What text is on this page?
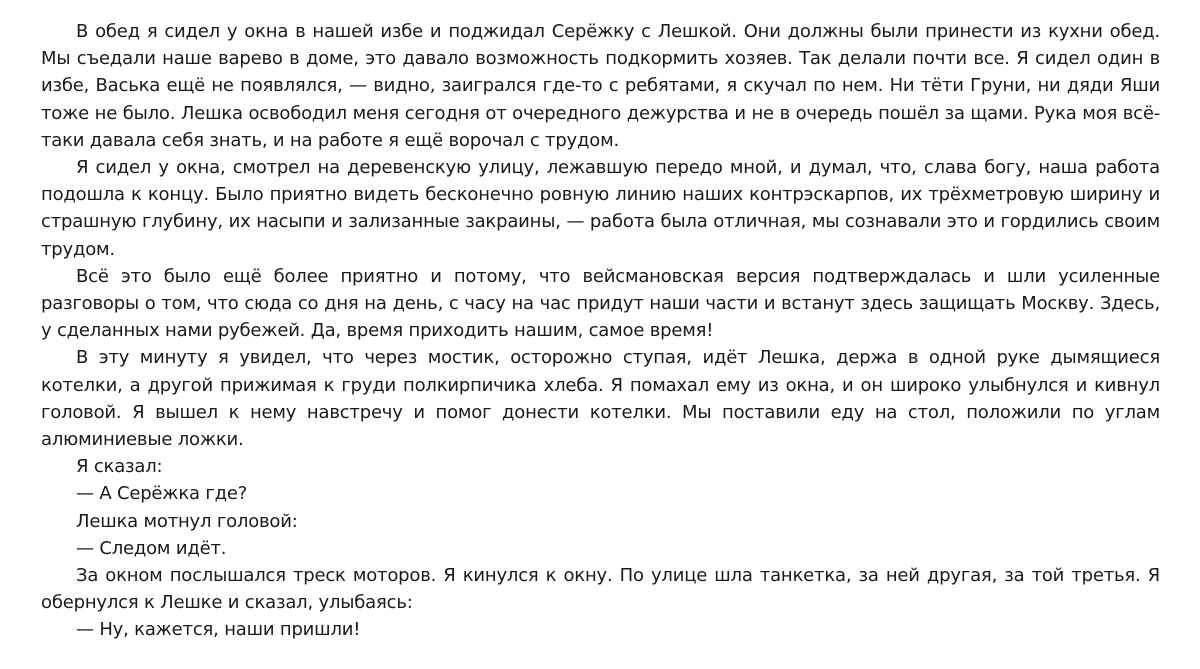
В обед я сидел у окна в нашей избе и поджидал Серёжку с Лешкой. Они должны были принести из кухни обед. Мы съедали наше варево в доме, это давало возможность подкормить хозяев. Так делали почти все. Я сидел один в избе, Васька ещё не появлялся, — видно, заигрался где-то с ребятами, я скучал по нем. Ни тёти Груни, ни дяди Яши тоже не было. Лешка освободил меня сегодня от очередного дежурства и не в очередь пошёл за щами. Рука моя всё-таки давала себя знать, и на работе я ещё ворочал с трудом.

Я сидел у окна, смотрел на деревенскую улицу, лежавшую передо мной, и думал, что, слава богу, наша работа подошла к концу. Было приятно видеть бесконечно ровную линию наших контрэскарпов, их трёхметровую ширину и страшную глубину, их насыпи и зализанные закраины, — работа была отличная, мы сознавали это и гордились своим трудом.

Всё это было ещё более приятно и потому, что вейсмановская версия подтверждалась и шли усиленные разговоры о том, что сюда со дня на день, с часу на час придут наши части и встанут здесь защищать Москву. Здесь, у сделанных нами рубежей. Да, время приходить нашим, самое время!

В эту минуту я увидел, что через мостик, осторожно ступая, идёт Лешка, держа в одной руке дымящиеся котелки, а другой прижимая к груди полкирпичика хлеба. Я помахал ему из окна, и он широко улыбнулся и кивнул головой. Я вышел к нему навстречу и помог донести котелки. Мы поставили еду на стол, положили по углам алюминиевые ложки.

Я сказал:

— А Серёжка где?

Лешка мотнул головой:

— Следом идёт.

За окном послышался треск моторов. Я кинулся к окну. По улице шла танкетка, за ней другая, за той третья. Я обернулся к Лешке и сказал, улыбаясь:

— Ну, кажется, наши пришли!
